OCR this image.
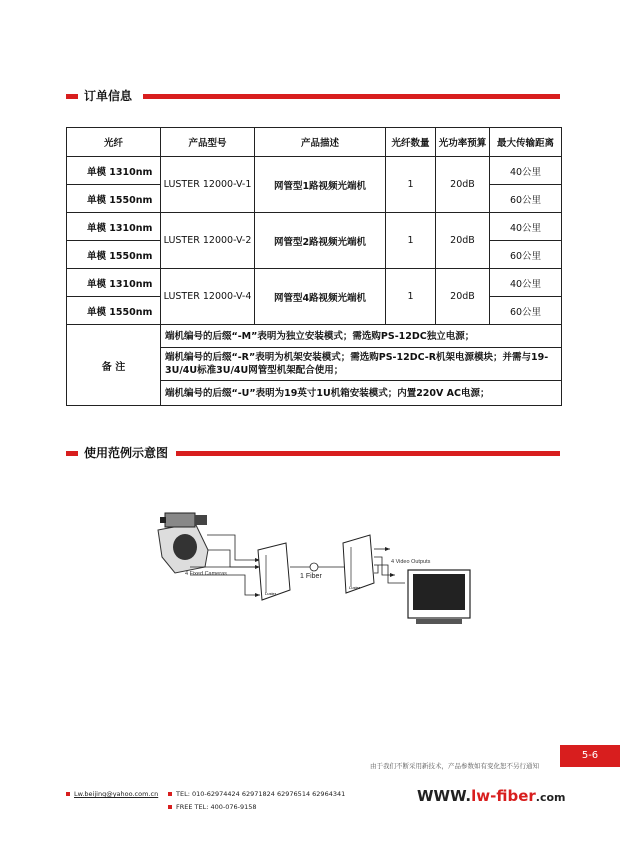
订单信息
光纤	产品型号	产品描述	光纤数量	光功率预算	最大传输距离
单模 1310nm	LUSTER 12000-V-1	网管型1路视频光端机	1	20dB	40公里
单模 1550nm					60公里
单模 1310nm	LUSTER 12000-V-2	网管型2路视频光端机	1	20dB	40公里
单模 1550nm					60公里
单模 1310nm	LUSTER 12000-V-4	网管型4路视频光端机	1	20dB	40公里
单模 1550nm					60公里
备 注	端机编号的后缀“-M”表明为独立安装模式；需选购PS-12DC独立电源；				
	端机编号的后缀“-R”表明为机架安装模式；需选购PS-12DC-R机架电源模块；并需与19-3U/4U标准3U/4U网管型机架配合使用；				
	端机编号的后缀“-U”表明为19英寸1U机箱安装模式；内置220V AC电源；				
使用范例示意图
4 Fixed Cameras
Luster
1 Fiber
Luster
4 Video Outputs
由于我们不断采用新技术，产品参数如有变化恕不另行通知
5-6
Lw.beijing@yahoo.com.cn	TEL: 010-62974424 62971824 62976514 62964341
FREE TEL: 400-076-9158
WWW.lw-fiber.com
